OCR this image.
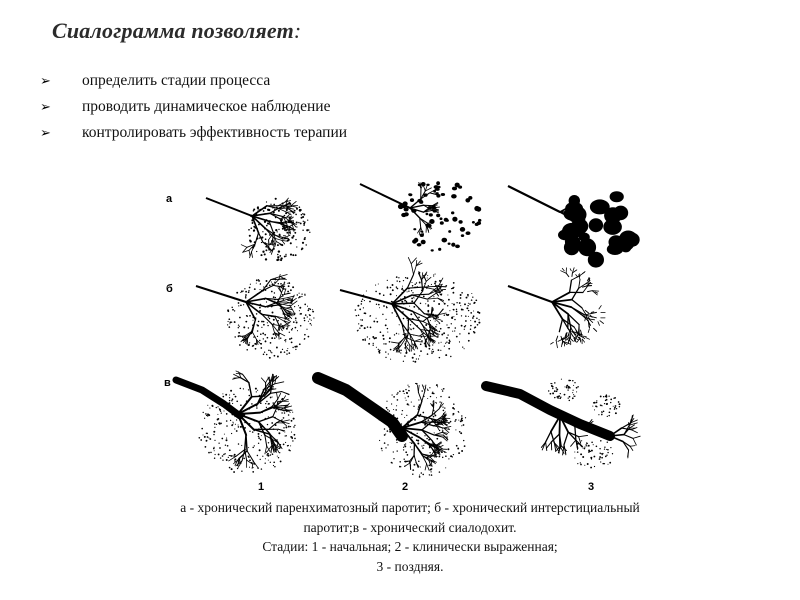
Сиалограмма позволяет:
➢	определить стадии процесса
➢	проводить динамическое наблюдение
➢	контролировать эффективность терапии
а
б
в
1	2	3
а - хронический паренхиматозный паротит; б - хронический интерстициальный
паротит;в - хронический сиалодохит.
Стадии: 1 - начальная; 2 - клинически выраженная;
3 - поздняя.
